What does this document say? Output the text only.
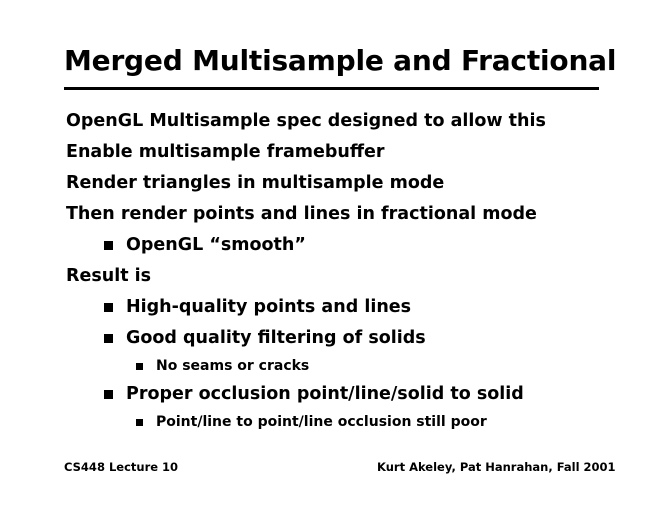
Merged Multisample and Fractional
OpenGL Multisample spec designed to allow this
Enable multisample framebuffer
Render triangles in multisample mode
Then render points and lines in fractional mode
OpenGL “smooth”
Result is
High-quality points and lines
Good quality filtering of solids
No seams or cracks
Proper occlusion point/line/solid to solid
Point/line to point/line occlusion still poor
CS448 Lecture 10	Kurt Akeley, Pat Hanrahan, Fall 2001
